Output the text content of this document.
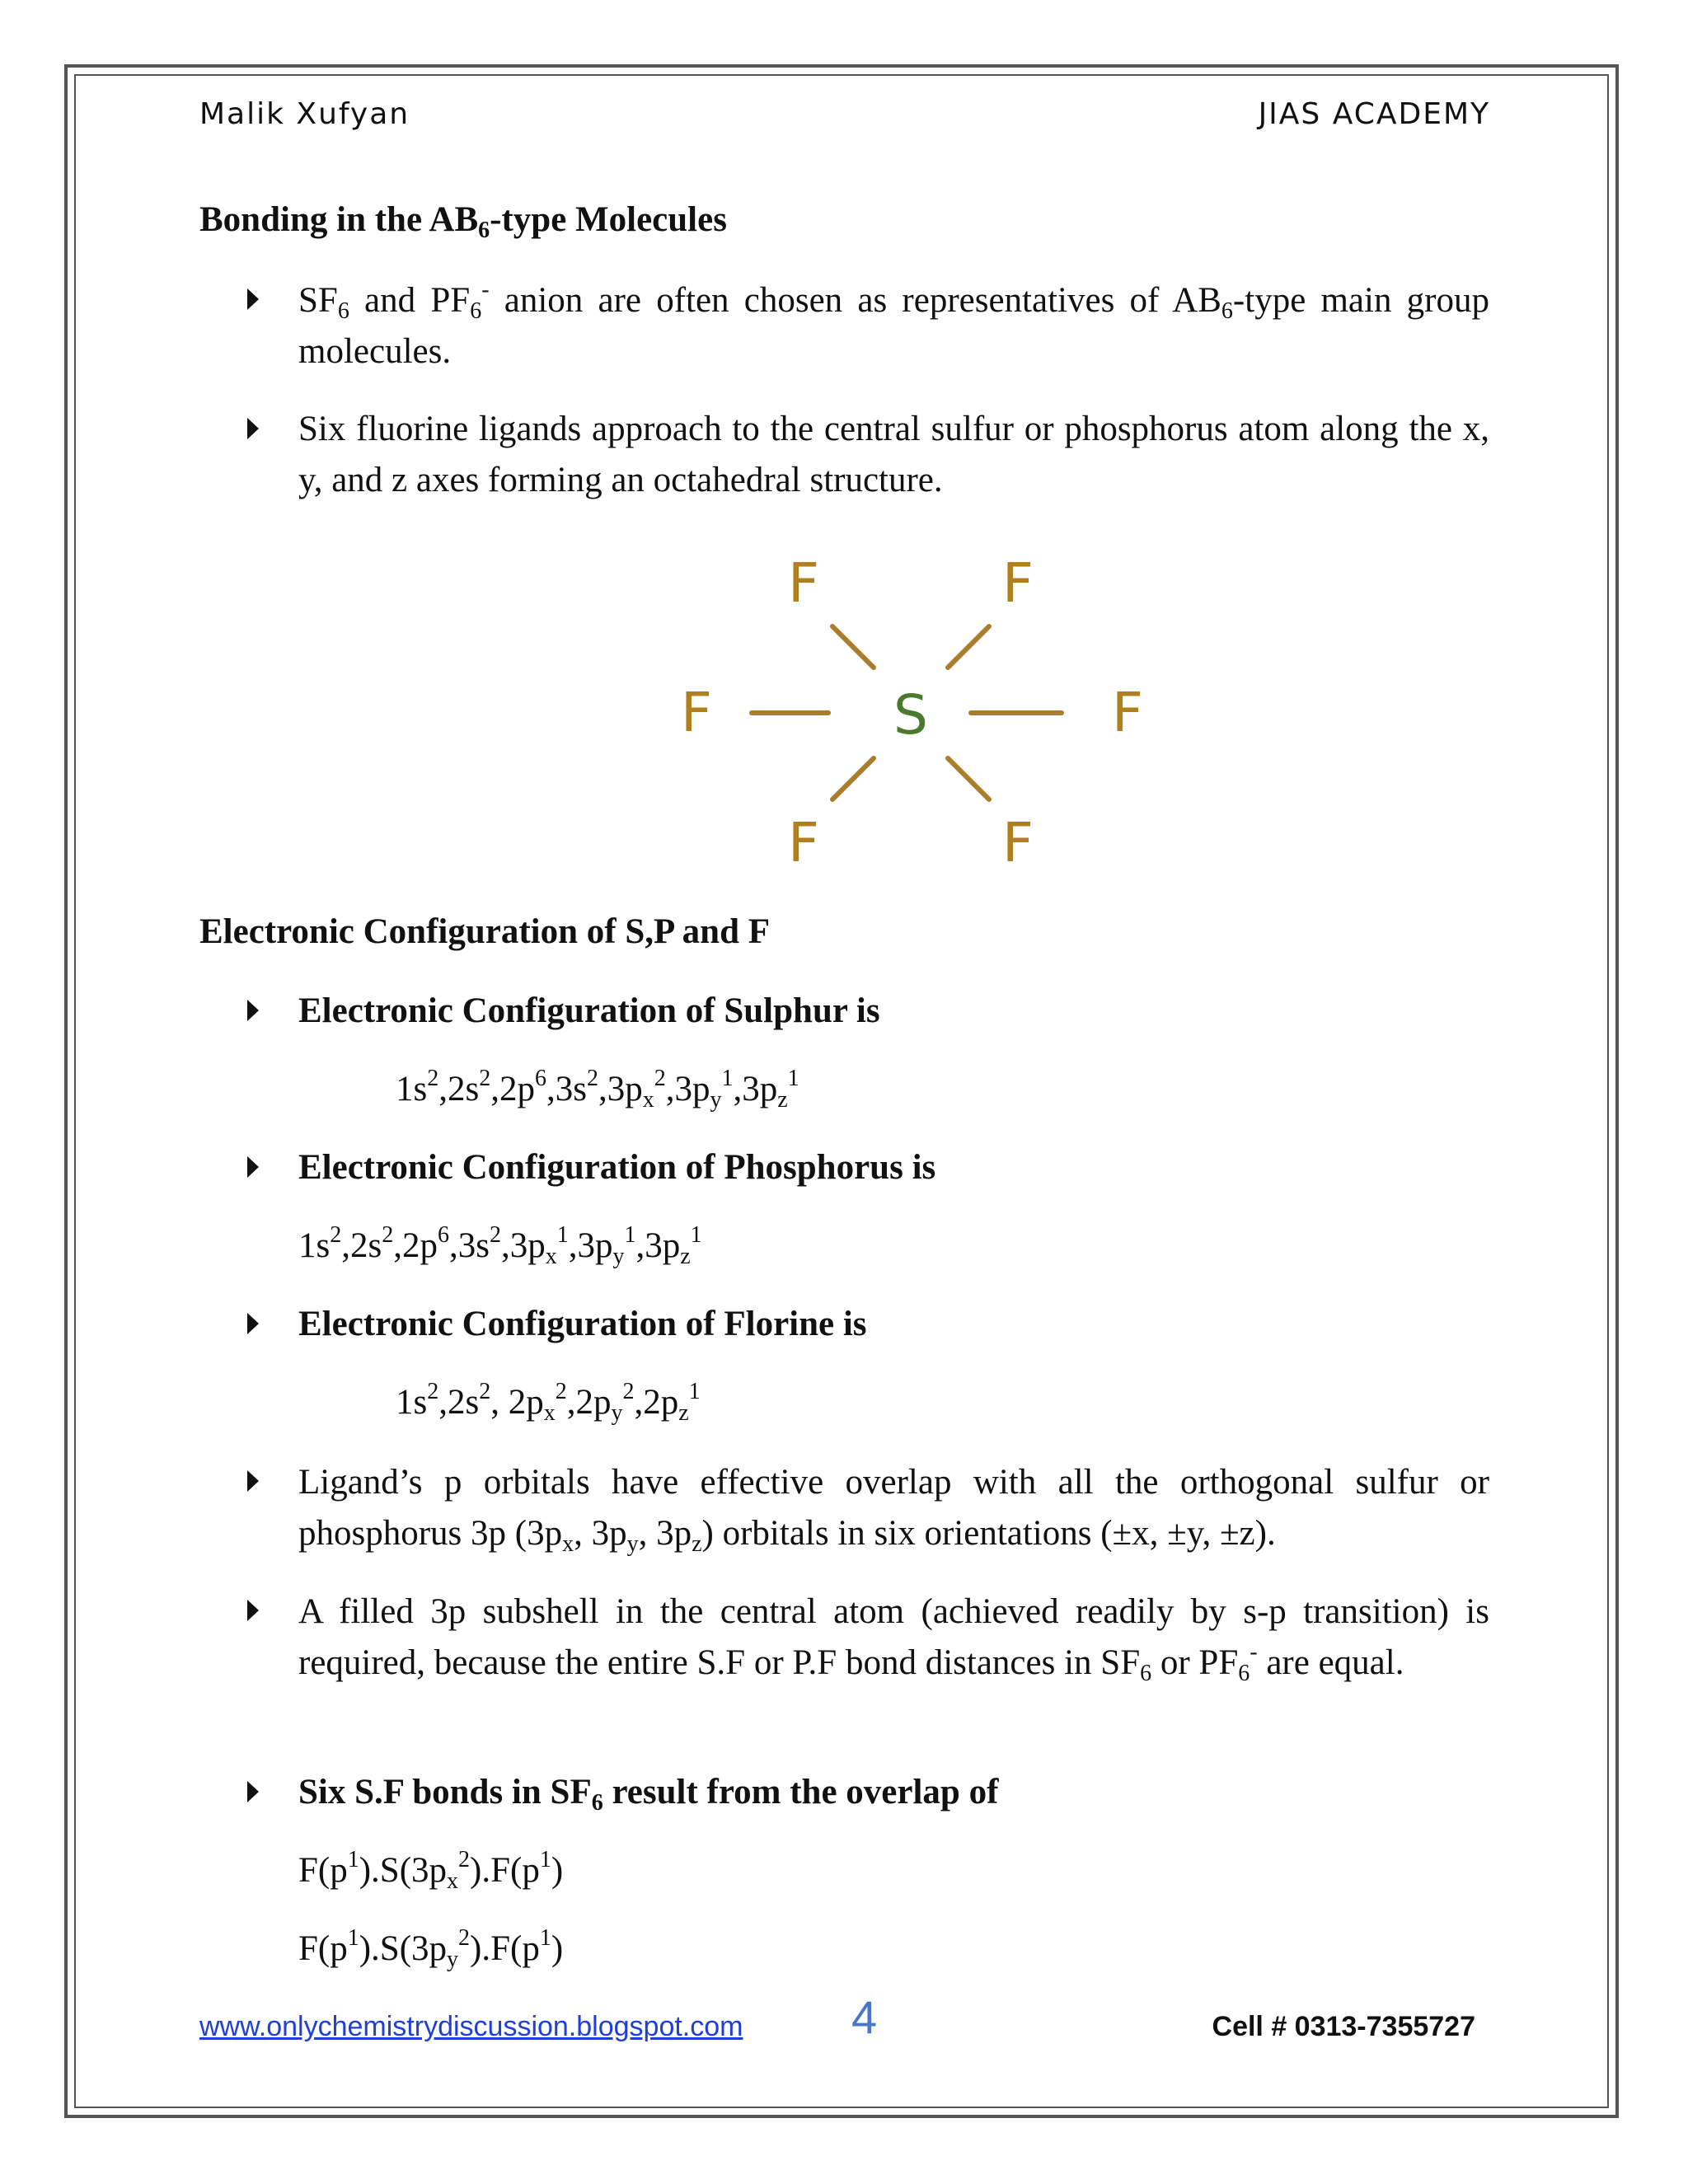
Malik Xufyan	JIAS ACADEMY
Bonding in the $AB_6$-type Molecules
$SF_6$ and $PF_6^-$ anion are often chosen as representatives of $AB_6$-type main group molecules.
Six fluorine ligands approach to the central sulfur or phosphorus atom along the x, y, and z axes forming an octahedral structure.
F	F
F	F
S
F	F
Electronic Configuration of S,P and F
Electronic Configuration of Sulphur is
$1s^2,2s^2,2p^6,3s^2,3p_x^2,3p_y^1,3p_z^1$
Electronic Configuration of Phosphorus is
$1s^2,2s^2,2p^6,3s^2,3p_x^1,3p_y^1,3p_z^1$
Electronic Configuration of Florine is
$1s^2,2s^2$, $2p_x^2,2p_y^2,2p_z^1$
Ligand’s p orbitals have effective overlap with all the orthogonal sulfur or phosphorus 3p ($3p_x$, $3p_y$, $3p_z$) orbitals in six orientations (±x, ±y, ±z).
A filled 3p subshell in the central atom (achieved readily by s-p transition) is required, because the entire S.F or P.F bond distances in $SF_6$ or $PF_6^-$ are equal.
Six S.F bonds in $SF_6$ result from the overlap of
$F(p^1).S(3p_x^2).F(p^1)$
$F(p^1).S(3p_y^2).F(p^1)$
www.onlychemistrydiscussion.blogspot.com 4	Cell # 0313-7355727
